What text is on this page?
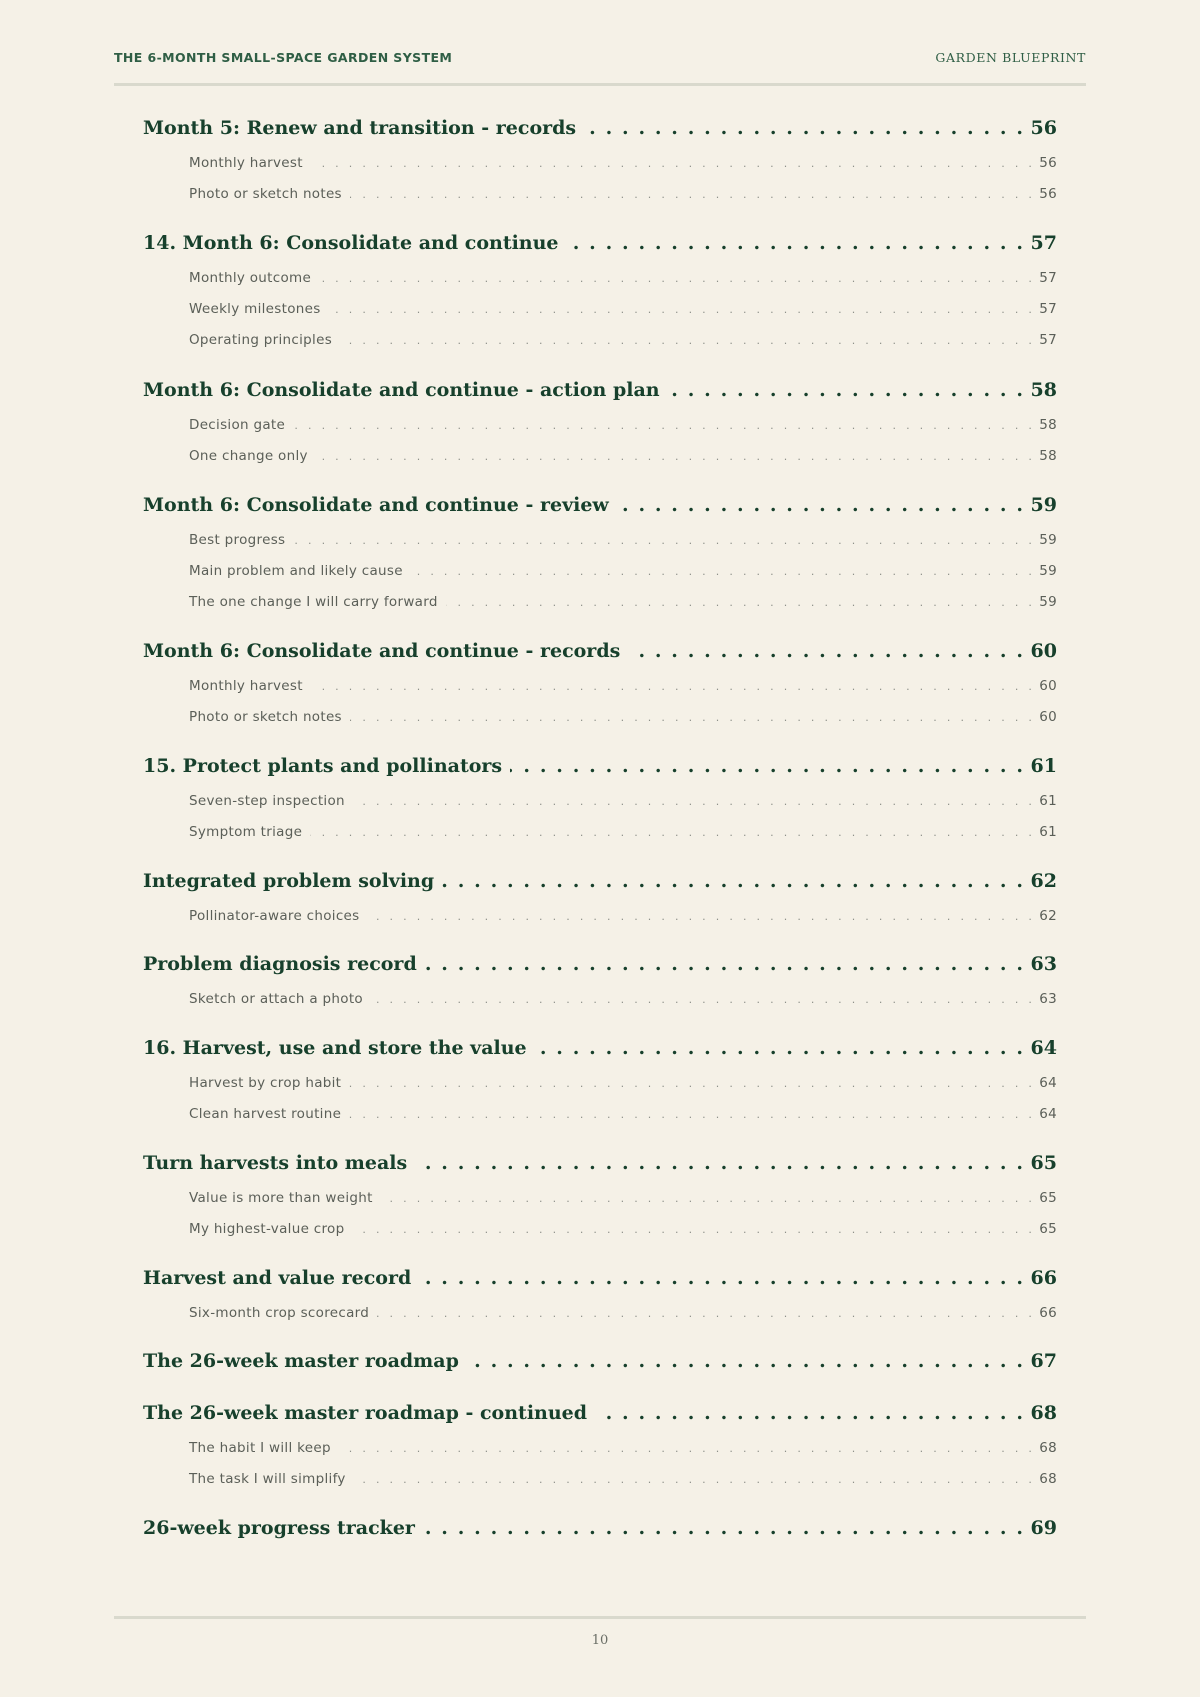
THE 6-MONTH SMALL-SPACE GARDEN SYSTEM	GARDEN BLUEPRINT
Month 5: Renew and transition - records . . .	56
Monthly harvest . . .	56
Photo or sketch notes . . .	56
14. Month 6: Consolidate and continue . . .	57
Monthly outcome . . .	57
Weekly milestones . . .	57
Operating principles . . .	57
Month 6: Consolidate and continue - action plan . . .	58
Decision gate . . .	58
One change only . . .	58
Month 6: Consolidate and continue - review . . .	59
Best progress . . .	59
Main problem and likely cause . . .	59
The one change I will carry forward . . .	59
Month 6: Consolidate and continue - records . . .	60
Monthly harvest . . .	60
Photo or sketch notes . . .	60
15. Protect plants and pollinators . . .	61
Seven-step inspection . . .	61
Symptom triage . . .	61
Integrated problem solving . . .	62
Pollinator-aware choices . . .	62
Problem diagnosis record . . .	63
Sketch or attach a photo . . .	63
16. Harvest, use and store the value . . .	64
Harvest by crop habit . . .	64
Clean harvest routine . . .	64
Turn harvests into meals . . .	65
Value is more than weight . . .	65
My highest-value crop . . .	65
Harvest and value record . . .	66
Six-month crop scorecard . . .	66
The 26-week master roadmap . . .	67
The 26-week master roadmap - continued . . .	68
The habit I will keep . . .	68
The task I will simplify . . .	68
26-week progress tracker . . .	69
10
